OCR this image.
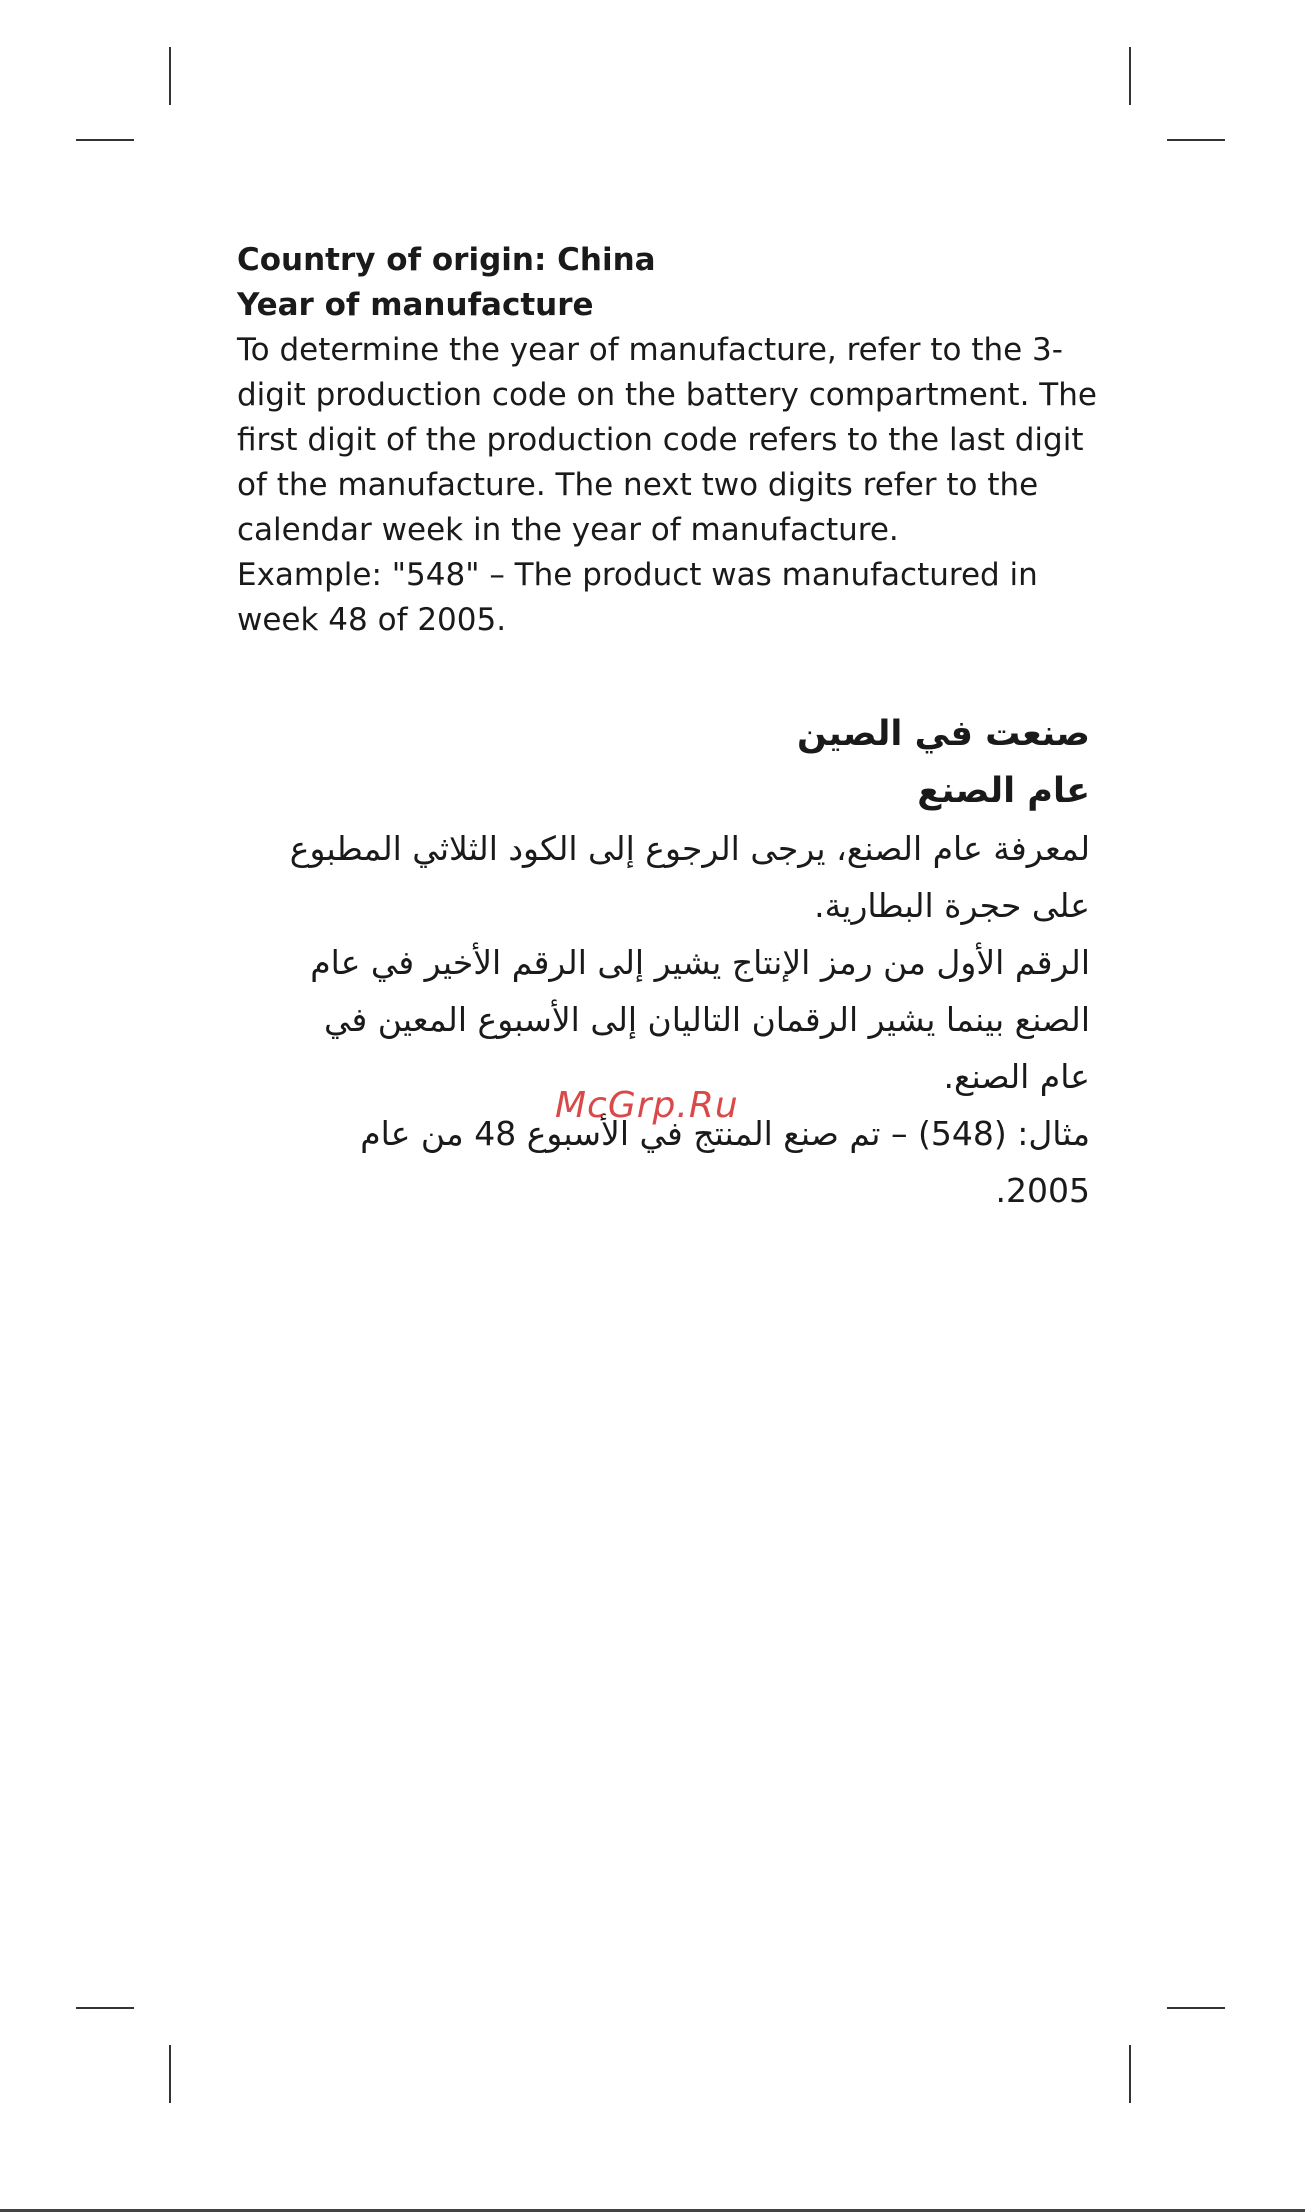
Country of origin: China

Year of manufacture

To determine the year of manufacture, refer to the 3-digit production code on the battery compartment. The first digit of the production code refers to the last digit of the manufacture. The next two digits refer to the calendar week in the year of manufacture.

Example: "548" – The product was manufactured in week 48 of 2005.

صنعت في الصين

عام الصنع

لمعرفة عام الصنع، يرجى الرجوع إلى الكود الثلاثي المطبوع على حجرة البطارية.

الرقم الأول من رمز الإنتاج يشير إلى الرقم الأخير في عام الصنع بينما يشير الرقمان التاليان إلى الأسبوع المعين في عام الصنع.

مثال: (548) – تم صنع المنتج في الأسبوع 48 من عام 2005.

McGrp.Ru
